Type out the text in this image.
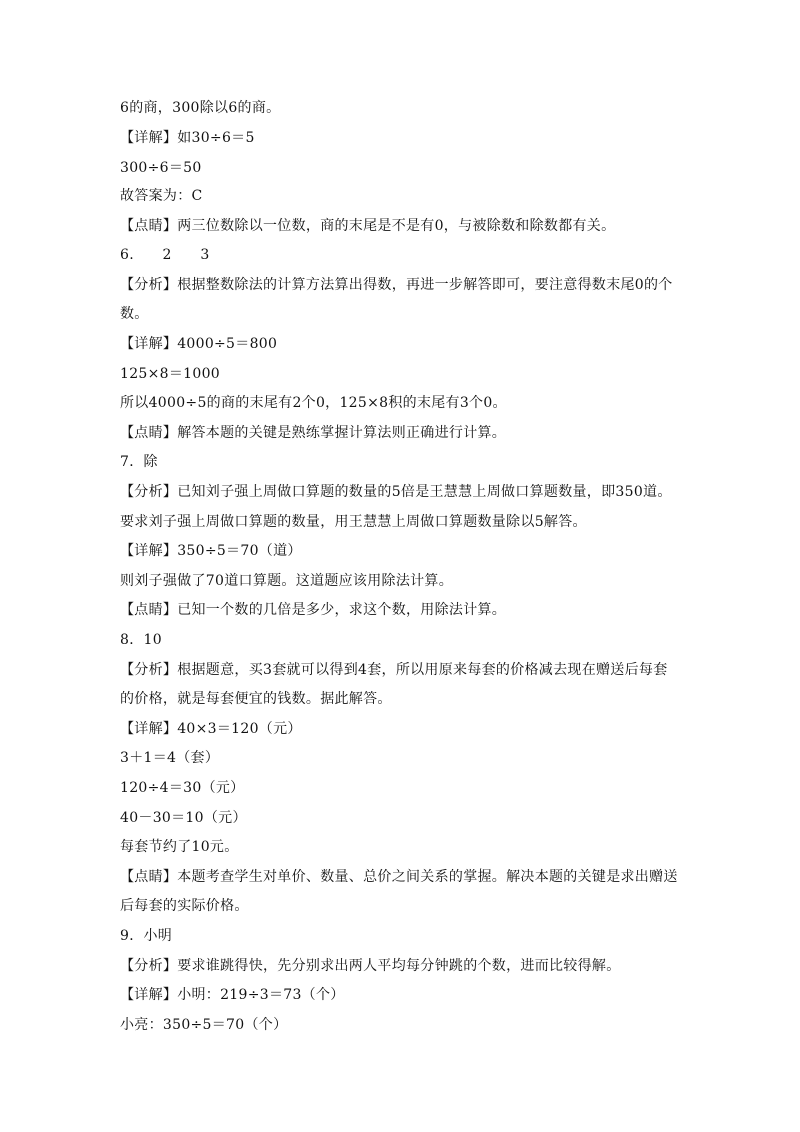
6的商，300除以6的商。
【详解】如30÷6＝5
300÷6＝50
故答案为：C
【点睛】两三位数除以一位数，商的末尾是不是有0，与被除数和除数都有关。
6.　　2　　3
【分析】根据整数除法的计算方法算出得数，再进一步解答即可，要注意得数末尾0的个
数。
【详解】4000÷5＝800
125×8＝1000
所以4000÷5的商的末尾有2个0，125×8积的末尾有3个0。
【点睛】解答本题的关键是熟练掌握计算法则正确进行计算。
7．除
【分析】已知刘子强上周做口算题的数量的5倍是王慧慧上周做口算题数量，即350道。
要求刘子强上周做口算题的数量，用王慧慧上周做口算题数量除以5解答。
【详解】350÷5＝70（道）
则刘子强做了70道口算题。这道题应该用除法计算。
【点睛】已知一个数的几倍是多少，求这个数，用除法计算。
8．10
【分析】根据题意，买3套就可以得到4套，所以用原来每套的价格减去现在赠送后每套
的价格，就是每套便宜的钱数。据此解答。
【详解】40×3＝120（元）
3＋1＝4（套）
120÷4＝30（元）
40－30＝10（元）
每套节约了10元。
【点睛】本题考查学生对单价、数量、总价之间关系的掌握。解决本题的关键是求出赠送
后每套的实际价格。
9．小明
【分析】要求谁跳得快，先分别求出两人平均每分钟跳的个数，进而比较得解。
【详解】小明：219÷3＝73（个）
小亮：350÷5＝70（个）
